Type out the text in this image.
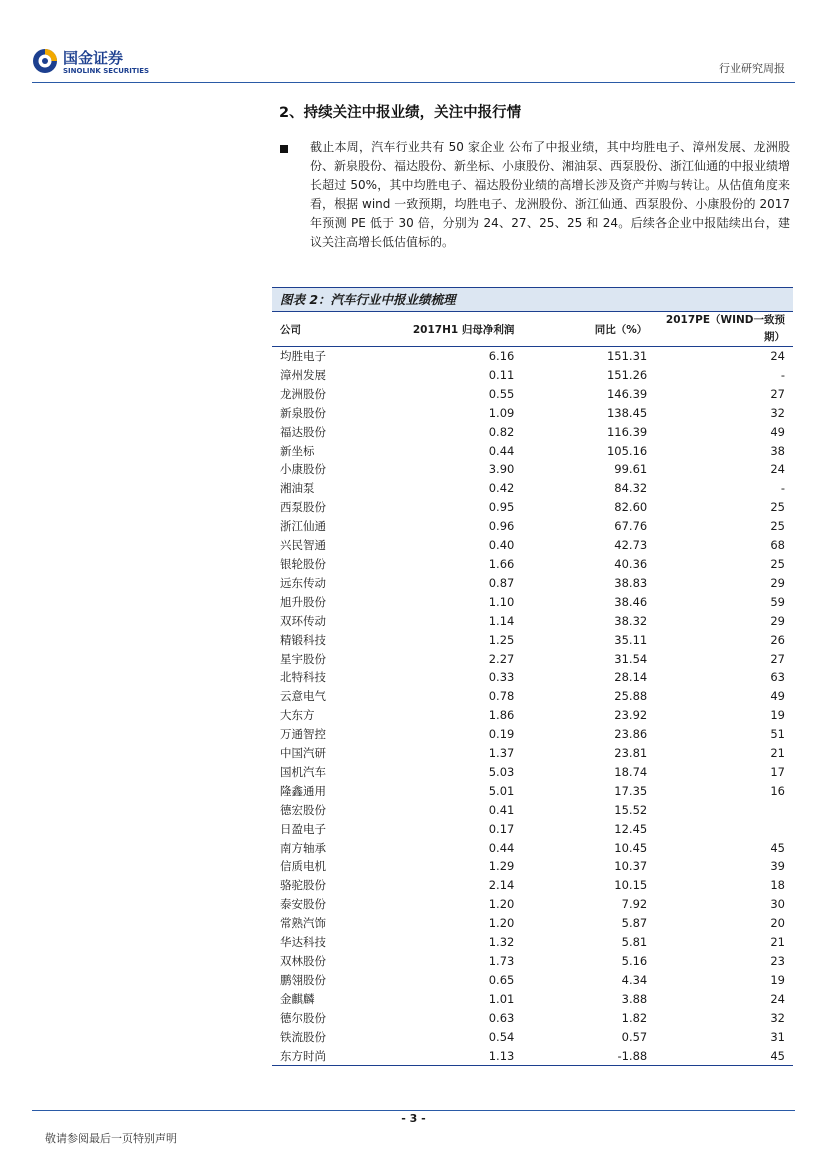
国金证券
SINOLINK SECURITIES	行业研究周报
2、持续关注中报业绩，关注中报行情
截止本周，汽车行业共有 50 家企业 公布了中报业绩，其中均胜电子、漳州发展、龙洲股份、新泉股份、福达股份、新坐标、小康股份、湘油泵、西泵股份、浙江仙通的中报业绩增长超过 50%，其中均胜电子、福达股份业绩的高增长涉及资产并购与转让。从估值角度来看，根据 wind 一致预期，均胜电子、龙洲股份、浙江仙通、西泵股份、小康股份的 2017 年预测 PE 低于 30 倍，分别为 24、27、25、25 和 24。后续各企业中报陆续出台，建议关注高增长低估值标的。
图表 2：汽车行业中报业绩梳理
公司	2017H1 归母净利润	同比（%）	2017PE（WIND一致预期）
均胜电子	6.16	151.31	24
漳州发展	0.11	151.26	-
龙洲股份	0.55	146.39	27
新泉股份	1.09	138.45	32
福达股份	0.82	116.39	49
新坐标	0.44	105.16	38
小康股份	3.90	99.61	24
湘油泵	0.42	84.32	-
西泵股份	0.95	82.60	25
浙江仙通	0.96	67.76	25
兴民智通	0.40	42.73	68
银轮股份	1.66	40.36	25
远东传动	0.87	38.83	29
旭升股份	1.10	38.46	59
双环传动	1.14	38.32	29
精锻科技	1.25	35.11	26
星宇股份	2.27	31.54	27
北特科技	0.33	28.14	63
云意电气	0.78	25.88	49
大东方	1.86	23.92	19
万通智控	0.19	23.86	51
中国汽研	1.37	23.81	21
国机汽车	5.03	18.74	17
隆鑫通用	5.01	17.35	16
德宏股份	0.41	15.52	
日盈电子	0.17	12.45	
南方轴承	0.44	10.45	45
信质电机	1.29	10.37	39
骆驼股份	2.14	10.15	18
泰安股份	1.20	7.92	30
常熟汽饰	1.20	5.87	20
华达科技	1.32	5.81	21
双林股份	1.73	5.16	23
鹏翎股份	0.65	4.34	19
金麒麟	1.01	3.88	24
德尔股份	0.63	1.82	32
铁流股份	0.54	0.57	31
东方时尚	1.13	-1.88	45
- 3 -
敬请参阅最后一页特别声明
